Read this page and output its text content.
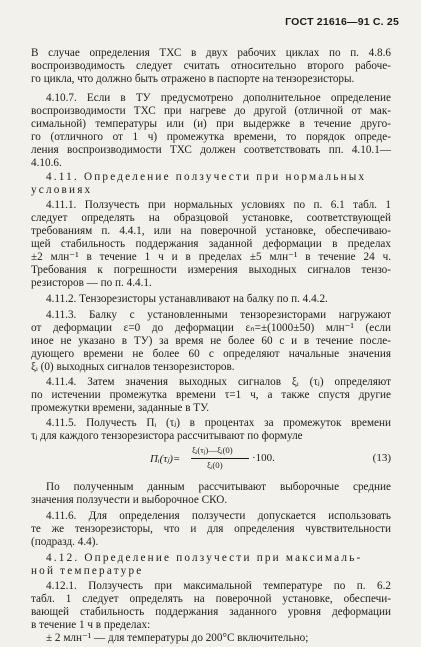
ГОСТ 21616—91 С. 25
В случае определения ТХС в двух рабочих циклах по п. 4.8.6
воспроизводимость следует считать относительно второго рабоче-
го цикла, что должно быть отражено в паспорте на тензорезисторы.
4.10.7. Если в ТУ предусмотрено дополнительное определение
воспроизводимости ТХС при нагреве до другой (отличной от мак-
симальной) температуры или (и) при выдержке в течение друго-
го (отличного от 1 ч) промежутка времени, то порядок опреде-
ления воспроизводимости ТХС должен соответствовать пп. 4.10.1—
4.10.6.
4.11. Определение ползучести при нормальных
условиях
4.11.1. Ползучесть при нормальных условиях по п. 6.1 табл. 1
следует определять на образцовой установке, соответствующей
требованиям п. 4.4.1, или на поверочной установке, обеспечиваю-
щей стабильность поддержания заданной деформации в пределах
±2 млн⁻¹ в течение 1 ч и в пределах ±5 млн⁻¹ в течение 24 ч.
Требования к погрешности измерения выходных сигналов тензо-
резисторов — по п. 4.4.1.
4.11.2. Тензорезисторы устанавливают на балку по п. 4.4.2.
4.11.3. Балку с установленными тензорезисторами нагружают
от деформации ε=0 до деформации εₙ=±(1000±50) млн⁻¹ (если
иное не указано в ТУ) за время не более 60 с и в течение после-
дующего времени не более 60 с определяют начальные значения
ξᵢ (0) выходных сигналов тензорезисторов.
4.11.4. Затем значения выходных сигналов ξᵢ (τⱼ) определяют
по истечении промежутка времени τ=1 ч, а также спустя другие
промежутки времени, заданные в ТУ.
4.11.5. Получесть Пᵢ (τⱼ) в процентах за промежуток времени
τⱼ для каждого тензорезистора рассчитывают по формуле
Пᵢ(τⱼ)=
ξᵢ(τⱼ)—ξᵢ(0)
ξᵢ(0)
·100.	(13)
По полученным данным рассчитывают выборочные средние
значения ползучести и выборочное СКО.
4.11.6. Для определения ползучести допускается использовать
те же тензорезисторы, что и для определения чувствительности
(подразд. 4.4).
4.12. Определение ползучести при максималь-
ной температуре
4.12.1. Ползучесть при максимальной температуре по п. 6.2
табл. 1 следует определять на поверочной установке, обеспечи-
вающей стабильность поддержания заданного уровня деформации
в течение 1 ч в пределах:
± 2 млн⁻¹ — для температуры до 200°С включительно;
